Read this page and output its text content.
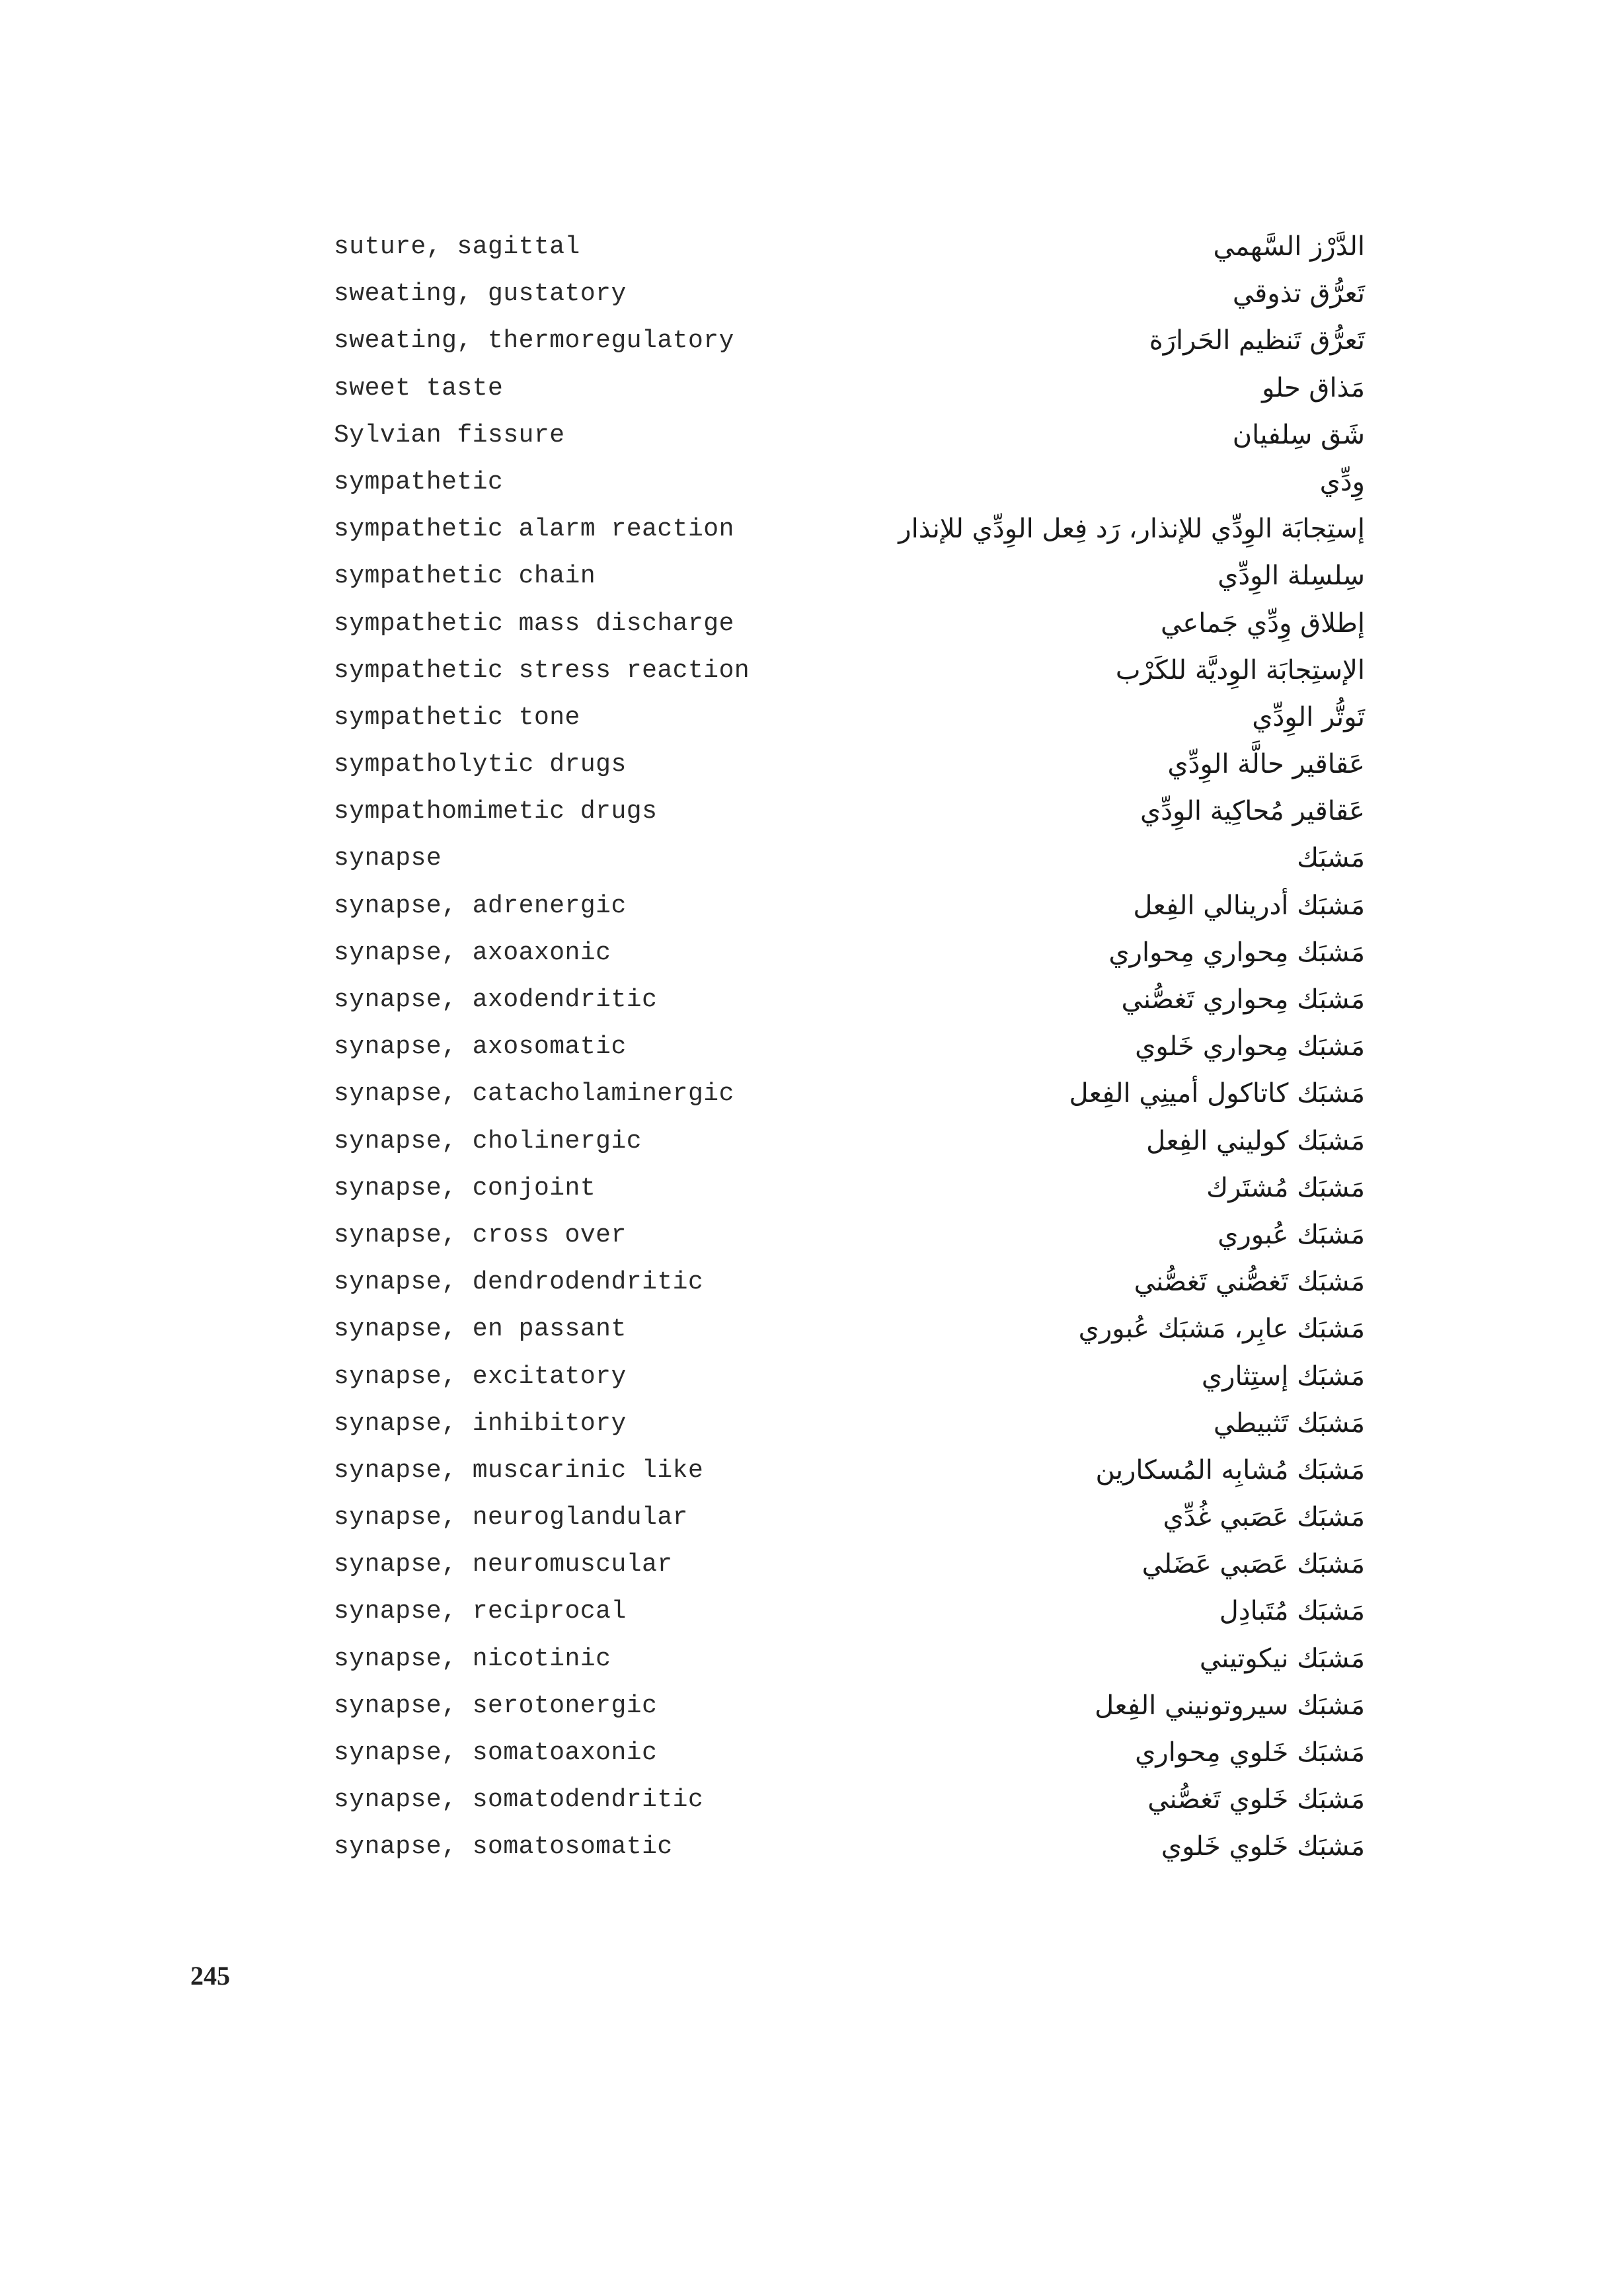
suture, sagittal	الدَّرْز السَّهمي
sweating, gustatory	تَعرُّق تذوقي
sweating, thermoregulatory	تَعرُّق تَنظيم الحَرارَة
sweet taste	مَذاق حلو
Sylvian fissure	شَق سِلفيان
sympathetic	وِدِّي
sympathetic alarm reaction	إستِجابَة الوِدِّي للإنذار، رَد فِعل الوِدِّي للإنذار
sympathetic chain	سِلسِلة الوِدِّي
sympathetic mass discharge	إطلاق وِدِّي جَماعي
sympathetic stress reaction	الإستِجابَة الوِديَّة للكَرْب
sympathetic tone	تَوتُّر الوِدِّي
sympatholytic drugs	عَقاقير حالَّة الوِدِّي
sympathomimetic drugs	عَقاقير مُحاكِية الوِدِّي
synapse	مَشبَك
synapse, adrenergic	مَشبَك أدرينالي الفِعل
synapse, axoaxonic	مَشبَك مِحواري مِحواري
synapse, axodendritic	مَشبَك مِحواري تَغصُّني
synapse, axosomatic	مَشبَك مِحواري خَلوي
synapse, catacholaminergic	مَشبَك كاتاكول أمينِي الفِعل
synapse, cholinergic	مَشبَك كوليني الفِعل
synapse, conjoint	مَشبَك مُشتَرك
synapse, cross over	مَشبَك عُبوري
synapse, dendrodendritic	مَشبَك تَغصُّني تَغصُّني
synapse, en passant	مَشبَك عابِر، مَشبَك عُبوري
synapse, excitatory	مَشبَك إستِثاري
synapse, inhibitory	مَشبَك تَثبيطي
synapse, muscarinic like	مَشبَك مُشابِه المُسكارين
synapse, neuroglandular	مَشبَك عَصَبي غُدِّي
synapse, neuromuscular	مَشبَك عَصَبي عَضَلي
synapse, reciprocal	مَشبَك مُتَبادِل
synapse, nicotinic	مَشبَك نيكوتيني
synapse, serotonergic	مَشبَك سيروتونيني الفِعل
synapse, somatoaxonic	مَشبَك خَلوي مِحواري
synapse, somatodendritic	مَشبَك خَلوي تَغصُّني
synapse, somatosomatic	مَشبَك خَلوي خَلوي
245
